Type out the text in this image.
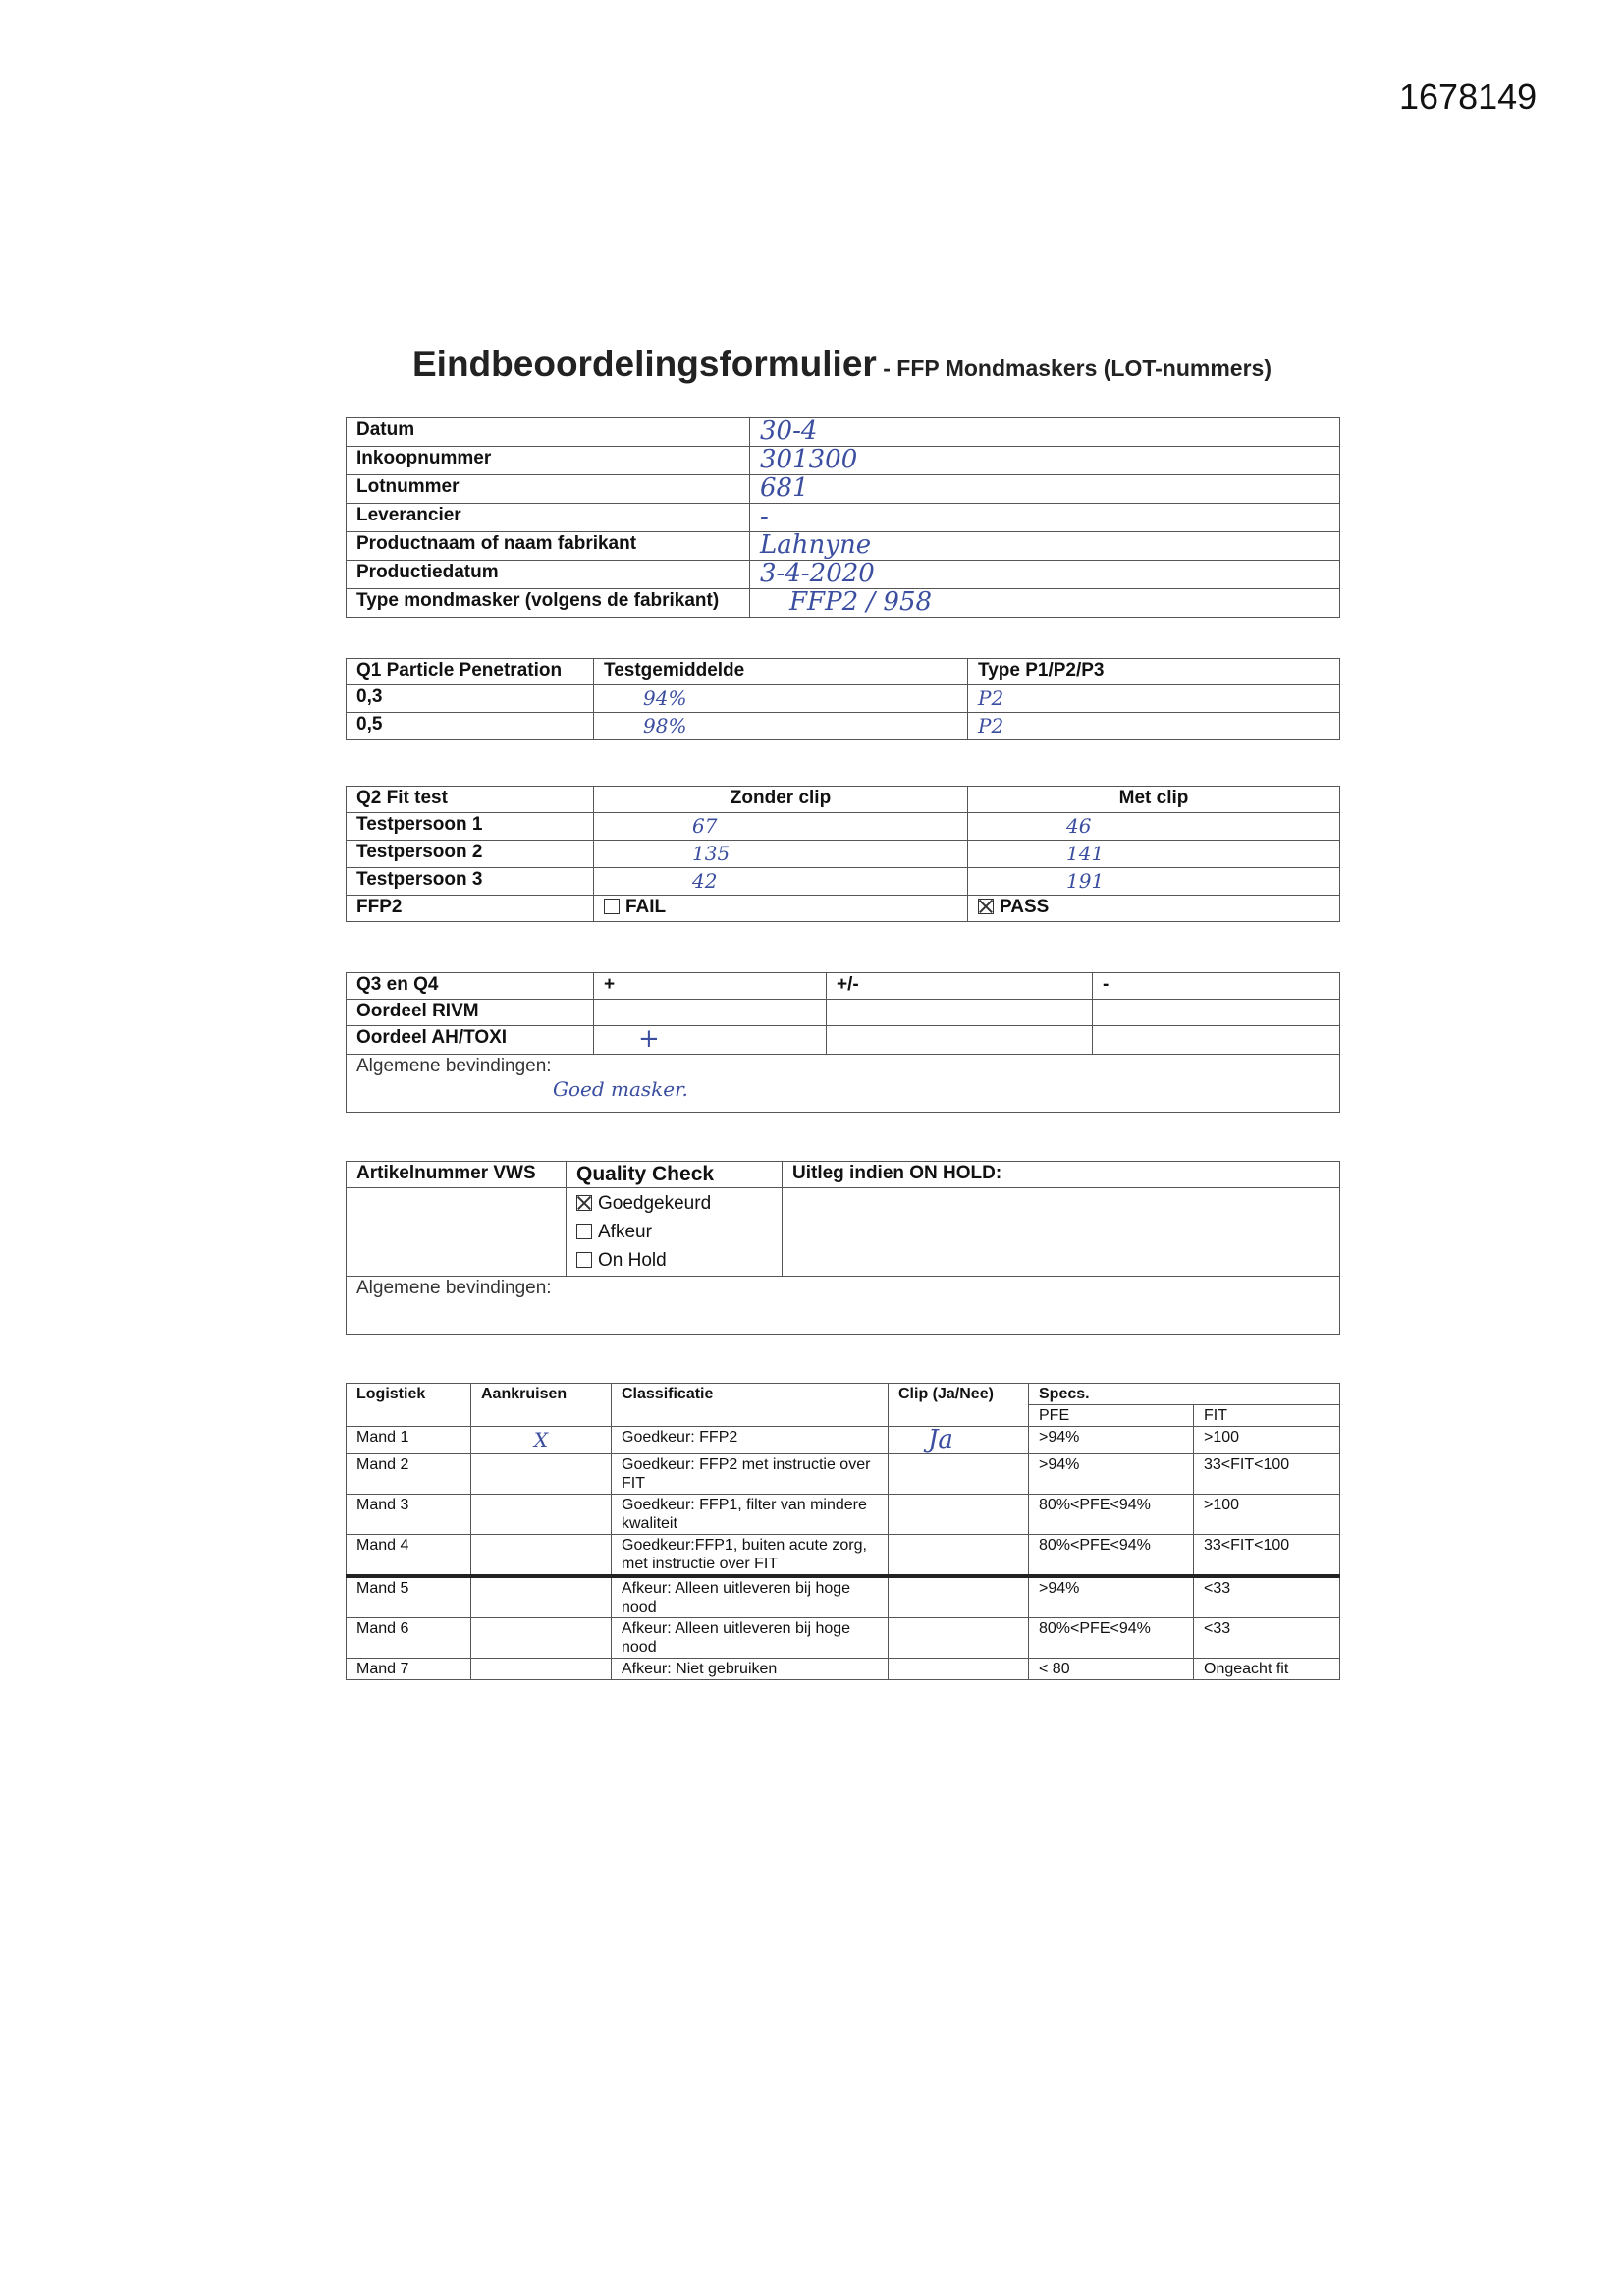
1678149
Eindbeoordelingsformulier - FFP Mondmaskers (LOT-nummers)
Datum	30-4
Inkoopnummer	301300
Lotnummer	681
Leverancier	-
Productnaam of naam fabrikant	Lahnyne
Productiedatum	3-4-2020
Type mondmasker (volgens de fabrikant)	FFP2 / 958
Q1 Particle Penetration	Testgemiddelde	Type P1/P2/P3
0,3	94%	P2
0,5	98%	P2
Q2 Fit test	Zonder clip	Met clip
Testpersoon 1	67	46
Testpersoon 2	135	141
Testpersoon 3	42	191
FFP2	FAIL	PASS
Q3 en Q4	+	+/-	-
Oordeel RIVM			
Oordeel AH/TOXI	+		

Algemene bevindingen:
Goed masker.			
Artikelnummer VWS	Quality Check	Uitleg indien ON HOLD:

	Goedgekeurd
Afkeur
On Hold	

Algemene bevindingen:		
Logistiek	Aankruisen	Classificatie	Clip (Ja/Nee)	Specs.	
				PFE	FIT
Mand 1	X	Goedkeur: FFP2	Ja	>94%	>100
Mand 2		Goedkeur: FFP2 met instructie over FIT		>94%	33<FIT<100
Mand 3		Goedkeur: FFP1, filter van mindere kwaliteit		80%<PFE<94%	>100
Mand 4		Goedkeur:FFP1, buiten acute zorg, met instructie over FIT		80%<PFE<94%	33<FIT<100
Mand 5		Afkeur: Alleen uitleveren bij hoge nood		>94%	<33
Mand 6		Afkeur: Alleen uitleveren bij hoge nood		80%<PFE<94%	<33
Mand 7		Afkeur: Niet gebruiken		< 80	Ongeacht fit
